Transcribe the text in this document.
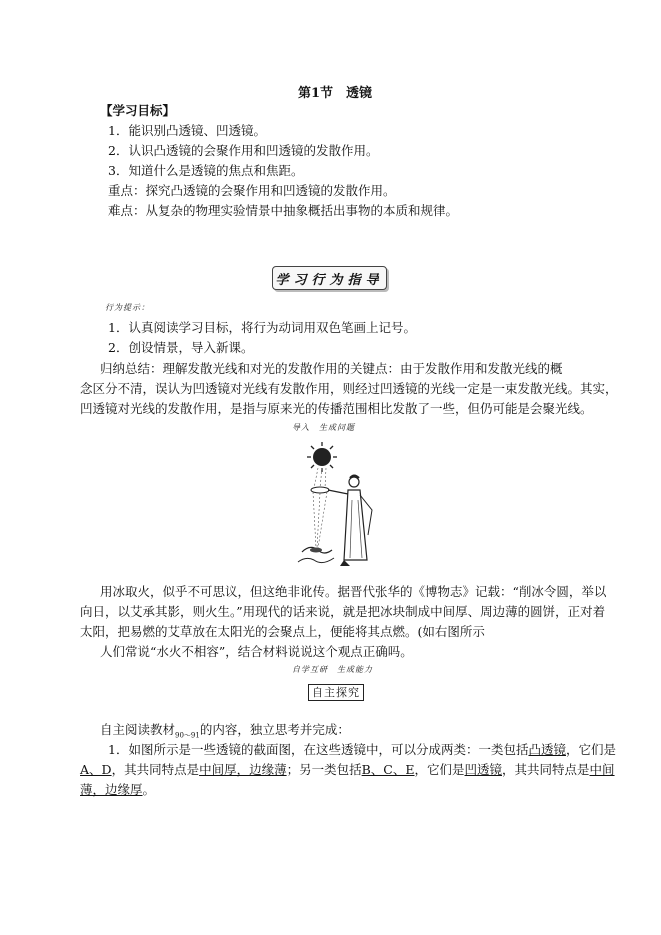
第1节　透镜
【学习目标】
1．能识别凸透镜、凹透镜。
2．认识凸透镜的会聚作用和凹透镜的发散作用。
3．知道什么是透镜的焦点和焦距。
重点：探究凸透镜的会聚作用和凹透镜的发散作用。
难点：从复杂的物理实验情景中抽象概括出事物的本质和规律。
学习行为指导
行为提示：
1．认真阅读学习目标，将行为动词用双色笔画上记号。
2．创设情景，导入新课。
归纳总结：理解发散光线和对光的发散作用的关键点：由于发散作用和发散光线的概
念区分不清，误认为凹透镜对光线有发散作用，则经过凹透镜的光线一定是一束发散光线。其实，
凹透镜对光线的发散作用，是指与原来光的传播范围相比发散了一些，但仍可能是会聚光线。
导入　生成问题
用冰取火，似乎不可思议，但这绝非讹传。据晋代张华的《博物志》记载：“削冰令圆，举以
向日，以艾承其影，则火生。”用现代的话来说，就是把冰块制成中间厚、周边薄的圆饼，正对着
太阳，把易燃的艾草放在太阳光的会聚点上，便能将其点燃。(如右图所示
人们常说“水火不相容”，结合材料说说这个观点正确吗。
自学互研　生成能力
自主探究
自主阅读教材$_{90\sim 91}$的内容，独立思考并完成：
1．如图所示是一些透镜的截面图，在这些透镜中，可以分成两类：一类包括凸透镜，它们是
A、D，其共同特点是中间厚，边缘薄；另一类包括B、C、E，它们是凹透镜，其共同特点是中间
薄，边缘厚。
